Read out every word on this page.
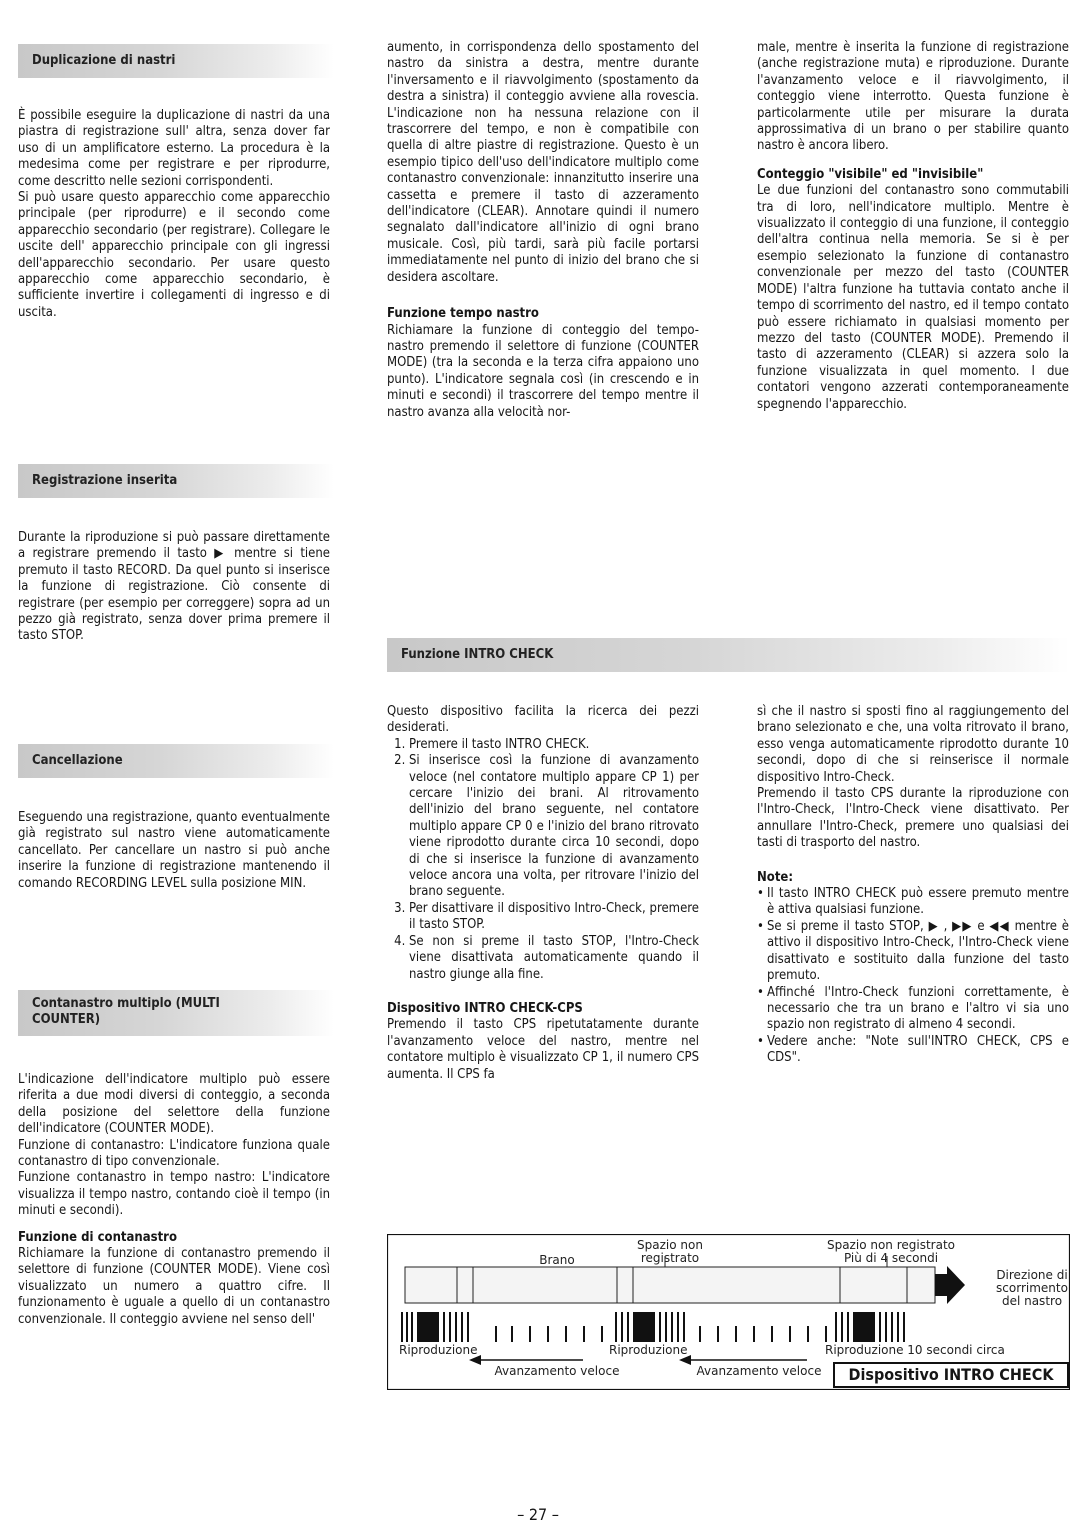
Duplicazione di nastri

È possibile eseguire la duplicazione di nastri da una piastra di registrazione sull' altra, senza dover far uso di un amplificatore esterno. La procedura è la medesima come per registrare e per riprodurre, come descritto nelle sezioni corrispondenti.

Si può usare questo apparecchio come apparecchio principale (per riprodurre) e il secondo come apparecchio secondario (per registrare). Collegare le uscite dell' apparecchio principale con gli ingressi dell'apparecchio secondario. Per usare questo apparecchio come apparecchio secondario, è sufficiente invertire i collegamenti di ingresso e di uscita.

Registrazione inserita

Durante la riproduzione si può passare direttamente a registrare premendo il tasto ▶ mentre si tiene premuto il tasto RECORD. Da quel punto si inserisce la funzione di registrazione. Ciò consente di registrare (per esempio per correggere) sopra ad un pezzo già registrato, senza dover prima premere il tasto STOP.

Cancellazione

Eseguendo una registrazione, quanto eventualmente già registrato sul nastro viene automaticamente cancellato. Per cancellare un nastro si può anche inserire la funzione di registrazione mantenendo il comando RECORDING LEVEL sulla posizione MIN.

Contanastro multiplo (MULTI COUNTER)

L'indicazione dell'indicatore multiplo può essere riferita a due modi diversi di conteggio, a seconda della posizione del selettore della funzione dell'indicatore (COUNTER MODE).

Funzione di contanastro: L'indicatore funziona quale contanastro di tipo convenzionale.

Funzione contanastro in tempo nastro: L'indicatore visualizza il tempo nastro, contando cioè il tempo (in minuti e secondi).

Funzione di contanastro

Richiamare la funzione di contanastro premendo il selettore di funzione (COUNTER MODE). Viene così visualizzato un numero a quattro cifre. Il funzionamento è uguale a quello di un contanastro convenzionale. Il conteggio avviene nel senso dell'

aumento, in corrispondenza dello spostamento del nastro da sinistra a destra, mentre durante l'inversamento e il riavvolgimento (spostamento da destra a sinistra) il conteggio avviene alla rovescia. L'indicazione non ha nessuna relazione con il trascorrere del tempo, e non è compatibile con quella di altre piastre di registrazione. Questo è un esempio tipico dell'uso dell'indicatore multiplo come contanastro convenzionale: innanzitutto inserire una cassetta e premere il tasto di azzeramento dell'indicatore (CLEAR). Annotare quindi il numero segnalato dall'indicatore all'inizio di ogni brano musicale. Così, più tardi, sarà più facile portarsi immediatamente nel punto di inizio del brano che si desidera ascoltare.

Funzione tempo nastro

Richiamare la funzione di conteggio del tempo-nastro premendo il selettore di funzione (COUNTER MODE) (tra la seconda e la terza cifra appaiono uno punto). L'indicatore segnala così (in crescendo e in minuti e secondi) il trascorrere del tempo mentre il nastro avanza alla velocità nor-

male, mentre è inserita la funzione di registrazione (anche registrazione muta) e riproduzione. Durante l'avanzamento veloce e il riavvolgimento, il conteggio viene interrotto. Questa funzione è particolarmente utile per misurare la durata approssimativa di un brano o per stabilire quanto nastro è ancora libero.

Conteggio "visibile" ed "invisibile"

Le due funzioni del contanastro sono commutabili tra di loro, nell'indicatore multiplo. Mentre è visualizzato il conteggio di una funzione, il conteggio dell'altra continua nella memoria. Se si è per esempio selezionato la funzione di contanastro convenzionale per mezzo del tasto (COUNTER MODE) l'altra funzione ha tuttavia contato anche il tempo di scorrimento del nastro, ed il tempo contato può essere richiamato in qualsiasi momento per mezzo del tasto (COUNTER MODE). Premendo il tasto di azzeramento (CLEAR) si azzera solo la funzione visualizzata in quel momento. I due contatori vengono azzerati contemporaneamente spegnendo l'apparecchio.

Funzione INTRO CHECK

Questo dispositivo facilita la ricerca dei pezzi desiderati.

1. Premere il tasto INTRO CHECK.
2. Si inserisce così la funzione di avanzamento veloce (nel contatore multiplo appare CP 1) per cercare l'inizio dei brani. Al ritrovamento dell'inizio del brano seguente, nel contatore multiplo appare CP 0 e l'inizio del brano ritrovato viene riprodotto durante circa 10 secondi, dopo di che si inserisce la funzione di avanzamento veloce ancora una volta, per ritrovare l'inizio del brano seguente.
3. Per disattivare il dispositivo Intro-Check, premere il tasto STOP.
4. Se non si preme il tasto STOP, l'Intro-Check viene disattivata automaticamente quando il nastro giunge alla fine.

Dispositivo INTRO CHECK-CPS

Premendo il tasto CPS ripetutatamente durante l'avanzamento veloce del nastro, mentre nel contatore multiplo è visualizzato CP 1, il numero CPS aumenta. Il CPS fa

sì che il nastro si sposti fino al raggiungemento del brano selezionato e che, una volta ritrovato il brano, esso venga automaticamente riprodotto durante 10 secondi, dopo di che si reinserisce il normale dispositivo Intro-Check.

Premendo il tasto CPS durante la riproduzione con l'Intro-Check, l'Intro-Check viene disattivato. Per annullare l'Intro-Check, premere uno qualsiasi dei tasti di trasporto del nastro.

Note:

• Il tasto INTRO CHECK può essere premuto mentre è attiva qualsiasi funzione.
• Se si preme il tasto STOP, ▶ , ▶▶ e ◀◀ mentre è attivo il dispositivo Intro-Check, l'Intro-Check viene disattivato e sostituito dalla funzione del tasto premuto.
• Affinché l'Intro-Check funzioni correttamente, è necessario che tra un brano e l'altro vi sia uno spazio non registrato di almeno 4 secondi.
• Vedere anche: "Note sull'INTRO CHECK, CPS e CDS".
Direzione di
scorrimento
del nastro
Brano
Spazio non
registrato
Spazio non registrato
Più di 4 secondi
Riproduzione	Riproduzione	Riproduzione 10 secondi circa
Avanzamento veloce	Avanzamento veloce	Dispositivo INTRO CHECK
– 27 –
